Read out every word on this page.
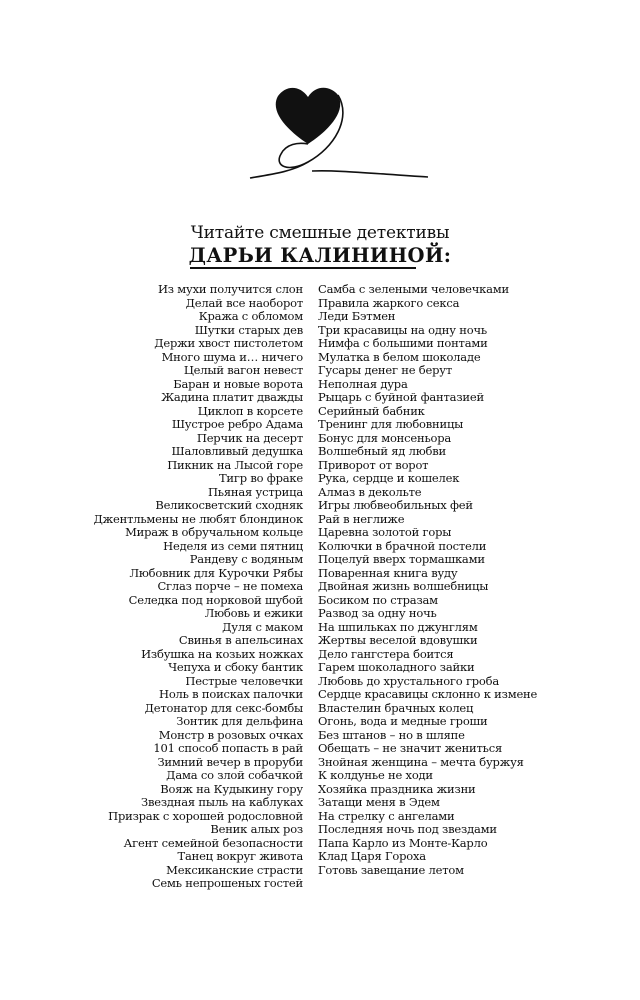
Читайте смешные детективы
ДАРЬИ КАЛИНИНОЙ:
Из мухи получится слон
Делай все наоборот
Кража с обломом
Шутки старых дев
Держи хвост пистолетом
Много шума и… ничего
Целый вагон невест
Баран и новые ворота
Жадина платит дважды
Циклоп в корсете
Шустрое ребро Адама
Перчик на десерт
Шаловливый дедушка
Пикник на Лысой горе
Тигр во фраке
Пьяная устрица
Великосветский сходняк
Джентльмены не любят блондинок
Мираж в обручальном кольце
Неделя из семи пятниц
Рандеву с водяным
Любовник для Курочки Рябы
Сглаз порче – не помеха
Селедка под норковой шубой
Любовь и ежики
Дуля с маком
Свинья в апельсинах
Избушка на козьих ножках
Чепуха и сбоку бантик
Пестрые человечки
Ноль в поисках палочки
Детонатор для секс-бомбы
Зонтик для дельфина
Монстр в розовых очках
101 способ попасть в рай
Зимний вечер в проруби
Дама со злой собачкой
Вояж на Кудыкину гору
Звездная пыль на каблуках
Призрак с хорошей родословной
Веник алых роз
Агент семейной безопасности
Танец вокруг живота
Мексиканские страсти
Семь непрошеных гостей
Самба с зелеными человечками
Правила жаркого секса
Леди Бэтмен
Три красавицы на одну ночь
Нимфа с большими понтами
Мулатка в белом шоколаде
Гусары денег не берут
Неполная дура
Рыцарь с буйной фантазией
Серийный бабник
Тренинг для любовницы
Бонус для монсеньора
Волшебный яд любви
Приворот от ворот
Рука, сердце и кошелек
Алмаз в декольте
Игры любвеобильных фей
Рай в неглиже
Царевна золотой горы
Колючки в брачной постели
Поцелуй вверх тормашками
Поваренная книга вуду
Двойная жизнь волшебницы
Босиком по стразам
Развод за одну ночь
На шпильках по джунглям
Жертвы веселой вдовушки
Дело гангстера боится
Гарем шоколадного зайки
Любовь до хрустального гроба
Сердце красавицы склонно к измене
Властелин брачных колец
Огонь, вода и медные гроши
Без штанов – но в шляпе
Обещать – не значит жениться
Знойная женщина – мечта буржуя
К колдунье не ходи
Хозяйка праздника жизни
Затащи меня в Эдем
На стрелку с ангелами
Последняя ночь под звездами
Папа Карло из Монте-Карло
Клад Царя Гороха
Готовь завещание летом
